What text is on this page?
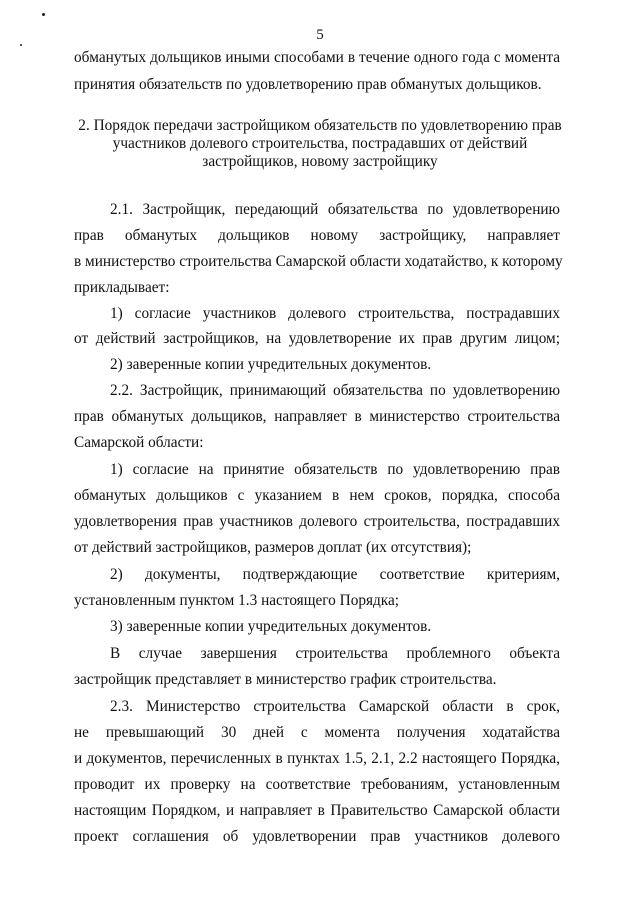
5
обманутых дольщиков иными способами в течение одного года с момента
принятия обязательств по удовлетворению прав обманутых дольщиков.
2. Порядок передачи застройщиком обязательств по удовлетворению прав
участников долевого строительства, пострадавших от действий
застройщиков, новому застройщику
2.1. Застройщик, передающий обязательства по удовлетворению
прав обманутых дольщиков новому застройщику, направляет
в министерство строительства Самарской области ходатайство, к которому
прикладывает:
1) согласие участников долевого строительства, пострадавших
от действий застройщиков, на удовлетворение их прав другим лицом;
2) заверенные копии учредительных документов.
2.2. Застройщик, принимающий обязательства по удовлетворению
прав обманутых дольщиков, направляет в министерство строительства
Самарской области:
1) согласие на принятие обязательств по удовлетворению прав
обманутых дольщиков с указанием в нем сроков, порядка, способа
удовлетворения прав участников долевого строительства, пострадавших
от действий застройщиков, размеров доплат (их отсутствия);
2) документы, подтверждающие соответствие критериям,
установленным пунктом 1.3 настоящего Порядка;
3) заверенные копии учредительных документов.
В случае завершения строительства проблемного объекта
застройщик представляет в министерство график строительства.
2.3. Министерство строительства Самарской области в срок,
не превышающий 30 дней с момента получения ходатайства
и документов, перечисленных в пунктах 1.5, 2.1, 2.2 настоящего Порядка,
проводит их проверку на соответствие требованиям, установленным
настоящим Порядком, и направляет в Правительство Самарской области
проект соглашения об удовлетворении прав участников долевого
